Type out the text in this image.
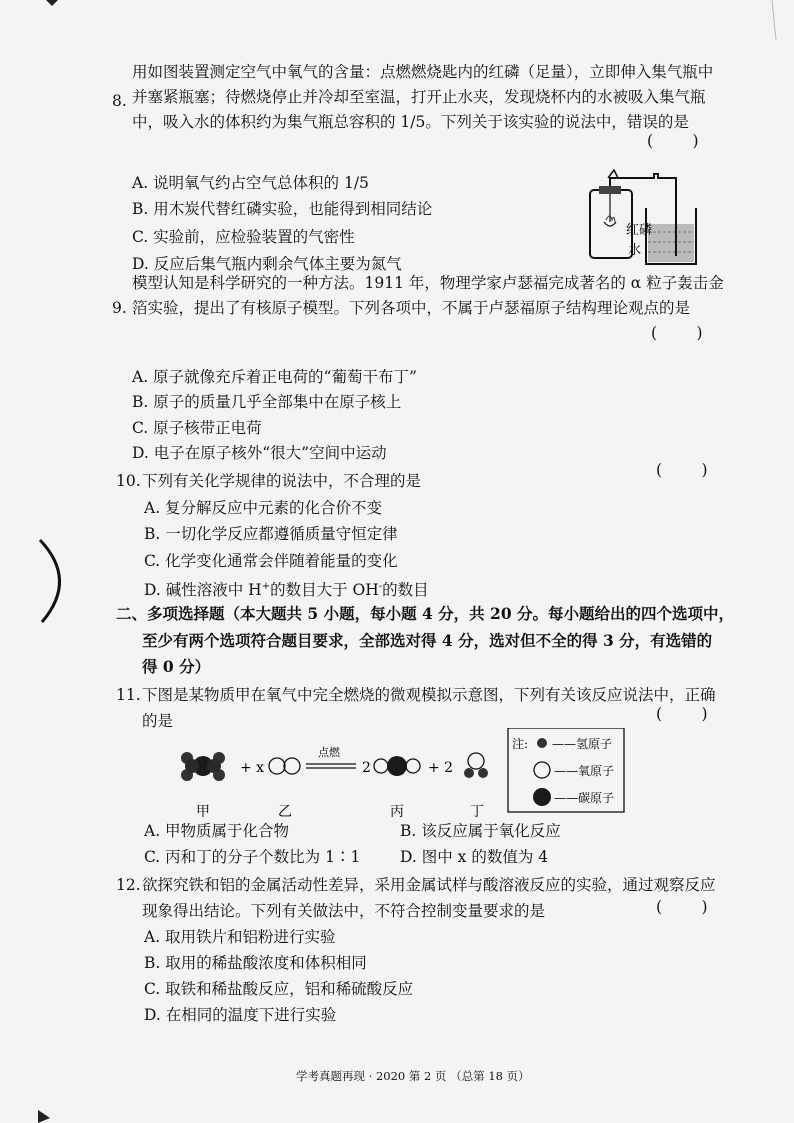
用如图装置测定空气中氧气的含量：点燃燃烧匙内的红磷（足量），立即伸入集气瓶中
8. 并塞紧瓶塞；待燃烧停止并冷却至室温，打开止水夹，发现烧杯内的水被吸入集气瓶
中，吸入水的体积约为集气瓶总容积的 1/5。下列关于该实验的说法中，错误的是
(        )
A. 说明氧气约占空气总体积的 1/5
B. 用木炭代替红磷实验，也能得到相同结论
C. 实验前，应检验装置的气密性
D. 反应后集气瓶内剩余气体主要为氮气
红磷
水
9.
模型认知是科学研究的一种方法。1911 年，物理学家卢瑟福完成著名的 α 粒子轰击金
箔实验，提出了有核原子模型。下列各项中，不属于卢瑟福原子结构理论观点的是
(        )
A. 原子就像充斥着正电荷的“葡萄干布丁”
B. 原子的质量几乎全部集中在原子核上
C. 原子核带正电荷
D. 电子在原子核外“很大”空间中运动
10. 下列有关化学规律的说法中，不合理的是
(        )
A. 复分解反应中元素的化合价不变
B. 一切化学反应都遵循质量守恒定律
C. 化学变化通常会伴随着能量的变化
D. 碱性溶液中 H+的数目大于 OH-的数目
二、多项选择题（本大题共 5 小题，每小题 4 分，共 20 分。每小题给出的四个选项中，
至少有两个选项符合题目要求，全部选对得 4 分，选对但不全的得 3 分，有选错的
得 0 分）
11. 下图是某物质甲在氧气中完全燃烧的微观模拟示意图，下列有关该反应说法中，正确
的是	(        )
+ x
点燃
2	+ 2
甲	乙	丙	丁
注: ——氢原子
——氧原子
——碳原子
A. 甲物质属于化合物	B. 该反应属于氧化反应
C. 丙和丁的分子个数比为 1∶1	D. 图中 x 的数值为 4
12. 欲探究铁和铝的金属活动性差异，采用金属试样与酸溶液反应的实验，通过观察反应
现象得出结论。下列有关做法中，不符合控制变量要求的是	(        )
A. 取用铁片和铝粉进行实验
B. 取用的稀盐酸浓度和体积相同
C. 取铁和稀盐酸反应，铝和稀硫酸反应
D. 在相同的温度下进行实验
学考真题再现 · 2020 第 2 页 （总第 18 页）
